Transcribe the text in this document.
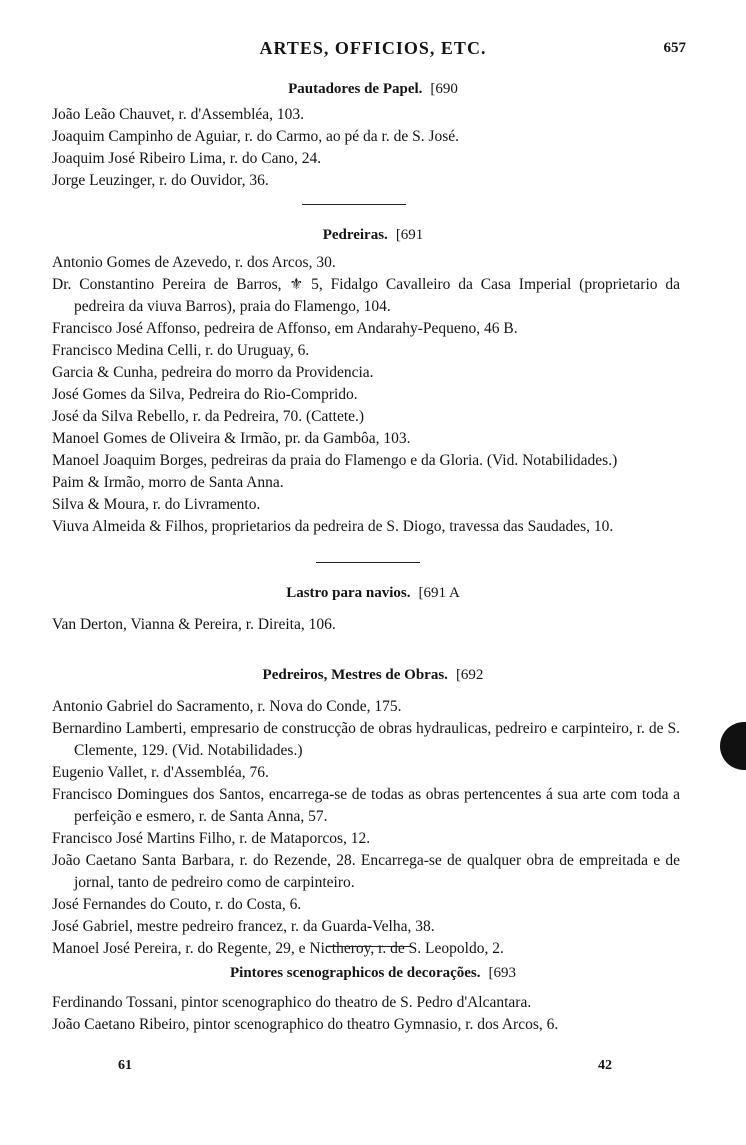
ARTES, OFFICIOS, ETC.	657
Pautadores de Papel. [690
João Leão Chauvet, r. d'Assembléa, 103.
Joaquim Campinho de Aguiar, r. do Carmo, ao pé da r. de S. José.
Joaquim José Ribeiro Lima, r. do Cano, 24.
Jorge Leuzinger, r. do Ouvidor, 36.
Pedreiras. [691
Antonio Gomes de Azevedo, r. dos Arcos, 30.
Dr. Constantino Pereira de Barros, ⚜ 5, Fidalgo Cavalleiro da Casa Imperial (proprietario da pedreira da viuva Barros), praia do Flamengo, 104.
Francisco José Affonso, pedreira de Affonso, em Andarahy-Pequeno, 46 B.
Francisco Medina Celli, r. do Uruguay, 6.
Garcia & Cunha, pedreira do morro da Providencia.
José Gomes da Silva, Pedreira do Rio-Comprido.
José da Silva Rebello, r. da Pedreira, 70. (Cattete.)
Manoel Gomes de Oliveira & Irmão, pr. da Gambôa, 103.
Manoel Joaquim Borges, pedreiras da praia do Flamengo e da Gloria. (Vid. Notabilidades.)
Paim & Irmão, morro de Santa Anna.
Silva & Moura, r. do Livramento.
Viuva Almeida & Filhos, proprietarios da pedreira de S. Diogo, travessa das Saudades, 10.
Lastro para navios. [691 A
Van Derton, Vianna & Pereira, r. Direita, 106.
Pedreiros, Mestres de Obras. [692
Antonio Gabriel do Sacramento, r. Nova do Conde, 175.
Bernardino Lamberti, empresario de construcção de obras hydraulicas, pedreiro e carpinteiro, r. de S. Clemente, 129. (Vid. Notabilidades.)
Eugenio Vallet, r. d'Assembléa, 76.
Francisco Domingues dos Santos, encarrega-se de todas as obras pertencentes á sua arte com toda a perfeição e esmero, r. de Santa Anna, 57.
Francisco José Martins Filho, r. de Mataporcos, 12.
João Caetano Santa Barbara, r. do Rezende, 28. Encarrega-se de qualquer obra de empreitada e de jornal, tanto de pedreiro como de carpinteiro.
José Fernandes do Couto, r. do Costa, 6.
José Gabriel, mestre pedreiro francez, r. da Guarda-Velha, 38.
Manoel José Pereira, r. do Regente, 29, e Nictheroy, r. de S. Leopoldo, 2.
Pintores scenographicos de decorações. [693
Ferdinando Tossani, pintor scenographico do theatro de S. Pedro d'Alcantara.
João Caetano Ribeiro, pintor scenographico do theatro Gymnasio, r. dos Arcos, 6.
61	42
